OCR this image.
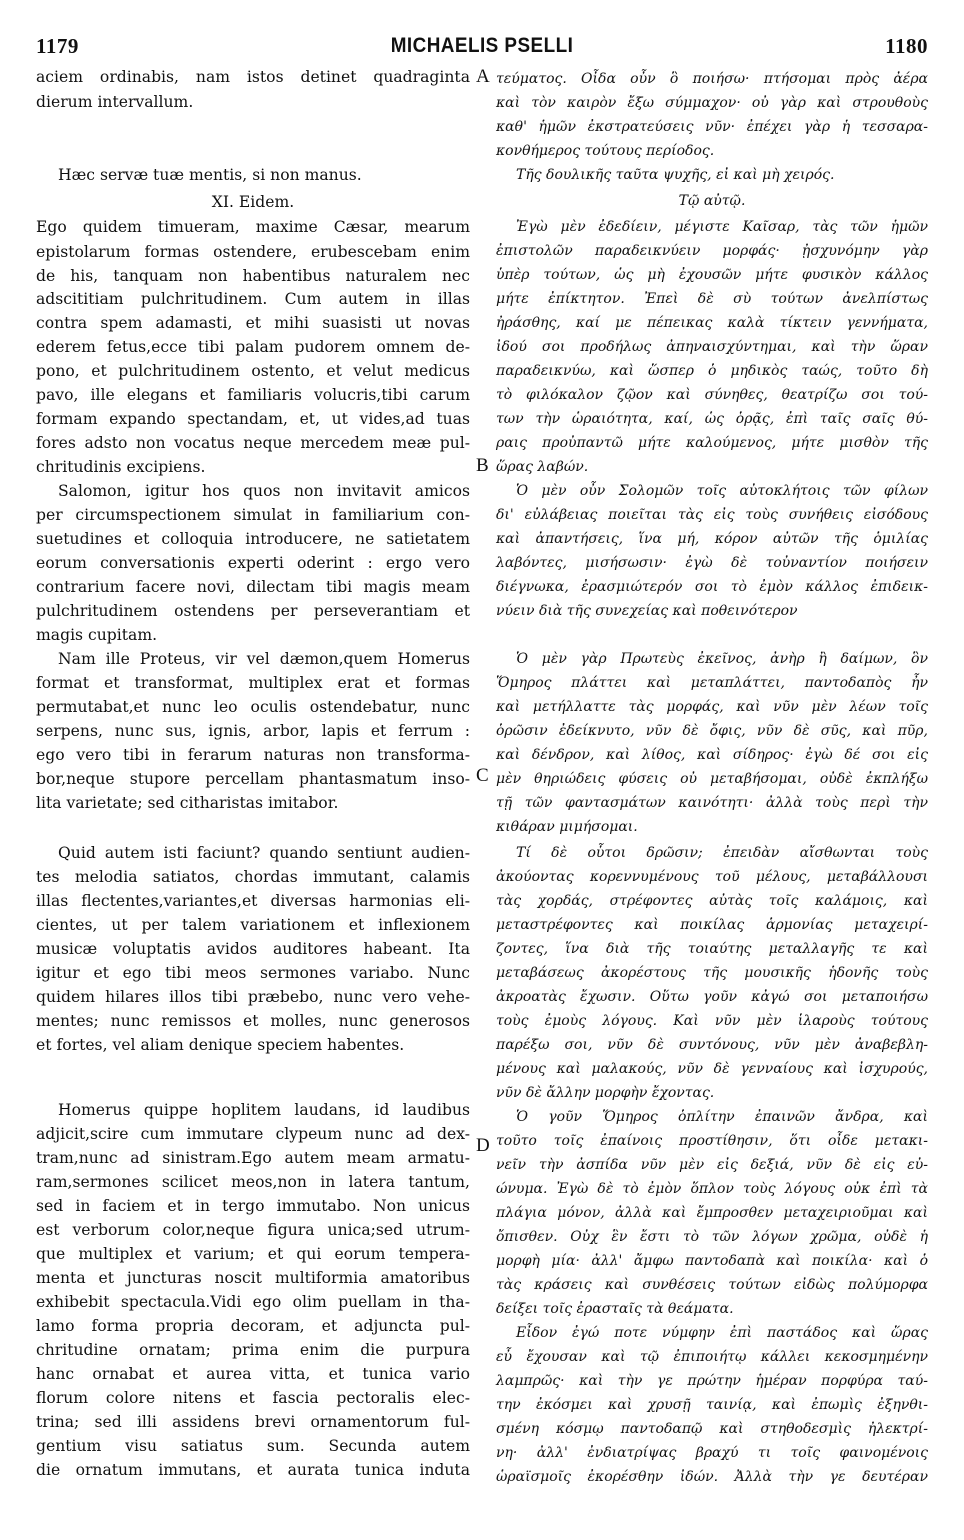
1179	MICHAELIS PSELLI	1180
A
B
C
D
aciem ordinabis, nam istos detinet quadraginta
dierum intervallum.
Hæc servæ tuæ mentis, si non manus.
XI. Eidem.
Ego quidem timueram, maxime Cæsar, mearum
epistolarum formas ostendere, erubescebam enim
de his, tanquam non habentibus naturalem nec
adscititiam pulchritudinem. Cum autem in illas
contra spem adamasti, et mihi suasisti ut novas
ederem fetus,ecce tibi palam pudorem omnem de-
pono, et pulchritudinem ostento, et velut medicus
pavo, ille elegans et familiaris volucris,tibi carum
formam expando spectandam, et, ut vides,ad tuas
fores adsto non vocatus neque mercedem meæ pul-
chritudinis excipiens.
Salomon, igitur hos quos non invitavit amicos
per circumspectionem simulat in familiarium con-
suetudines et colloquia introducere, ne satietatem
eorum conversationis experti oderint : ergo vero
contrarium facere novi, dilectam tibi magis meam
pulchritudinem ostendens per perseverantiam et
magis cupitam.
Nam ille Proteus, vir vel dæmon,quem Homerus
format et transformat, multiplex erat et formas
permutabat,et nunc leo oculis ostendebatur, nunc
serpens, nunc sus, ignis, arbor, lapis et ferrum :
ego vero tibi in ferarum naturas non transforma-
bor,neque stupore percellam phantasmatum inso-
lita varietate; sed citharistas imitabor.
Quid autem isti faciunt? quando sentiunt audien-
tes melodia satiatos, chordas immutant, calamis
illas flectentes,variantes,et diversas harmonias eli-
cientes, ut per talem variationem et inflexionem
musicæ voluptatis avidos auditores habeant. Ita
igitur et ego tibi meos sermones variabo. Nunc
quidem hilares illos tibi præbebo, nunc vero vehe-
mentes; nunc remissos et molles, nunc generosos
et fortes, vel aliam denique speciem habentes.
Homerus quippe hoplitem laudans, id laudibus
adjicit,scire cum immutare clypeum nunc ad dex-
tram,nunc ad sinistram.Ego autem meam armatu-
ram,sermones scilicet meos,non in latera tantum,
sed in faciem et in tergo immutabo. Non unicus
est verborum color,neque figura unica;sed utrum-
que multiplex et varium; et qui eorum tempera-
menta et juncturas noscit multiformia amatoribus
exhibebit spectacula.Vidi ego olim puellam in tha-
lamo forma propria decoram, et adjuncta pul-
chritudine ornatam; prima enim die purpura
hanc ornabat et aurea vitta, et tunica vario
florum colore nitens et fascia pectoralis elec-
trina; sed illi assidens brevi ornamentorum ful-
gentium visu satiatus sum. Secunda autem
die ornatum immutans, et aurata tunica induta
τεύματος. Οἶδα οὖν ὃ ποιήσω· πτήσομαι πρὸς ἀέρα
καὶ τὸν καιρὸν ἔξω σύμμαχον· οὐ γὰρ καὶ στρουθοὺς
καθ' ἡμῶν ἐκστρατεύσεις νῦν· ἐπέχει γὰρ ἡ τεσσαρα-
κονθήμερος τούτους περίοδος.
Τῆς δουλικῆς ταῦτα ψυχῆς, εἰ καὶ μὴ χειρός.
Τῷ αὐτῷ.
Ἐγὼ μὲν ἐδεδίειν, μέγιστε Καῖσαρ, τὰς τῶν ἡμῶν
ἐπιστολῶν παραδεικνύειν μορφάς· ᾐσχυνόμην γὰρ
ὑπὲρ τούτων, ὡς μὴ ἐχουσῶν μήτε φυσικὸν κάλλος
μήτε ἐπίκτητον. Ἐπεὶ δὲ σὺ τούτων ἀνελπίστως
ἠράσθης, καί με πέπεικας καλὰ τίκτειν γεννήματα,
ἰδού σοι προδήλως ἀπηναισχύντημαι, καὶ τὴν ὥραν
παραδεικνύω, καὶ ὥσπερ ὁ μηδικὸς ταώς, τοῦτο δὴ
τὸ φιλόκαλον ζῷον καὶ σύνηθες, θεατρίζω σοι τού-
των τὴν ὡραιότητα, καί, ὡς ὁρᾷς, ἐπὶ ταῖς σαῖς θύ-
ραις προὐπαντῶ μήτε καλούμενος, μήτε μισθὸν τῆς
ὥρας λαβών.
Ὁ μὲν οὖν Σολομῶν τοῖς αὐτοκλήτοις τῶν φίλων
δι' εὐλάβειας ποιεῖται τὰς εἰς τοὺς συνήθεις εἰσόδους
καὶ ἀπαντήσεις, ἵνα μή, κόρον αὐτῶν τῆς ὁμιλίας
λαβόντες, μισήσωσιν· ἐγὼ δὲ τοὐναντίον ποιήσειν
διέγνωκα, ἐρασμιώτερόν σοι τὸ ἐμὸν κάλλος ἐπιδεικ-
νύειν διὰ τῆς συνεχείας καὶ ποθεινότερον
Ὁ μὲν γὰρ Πρωτεὺς ἐκεῖνος, ἀνὴρ ἢ δαίμων, ὃν
Ὅμηρος πλάττει καὶ μεταπλάττει, παντοδαπὸς ἦν
καὶ μετήλλαττε τὰς μορφάς, καὶ νῦν μὲν λέων τοῖς
ὁρῶσιν ἐδείκνυτο, νῦν δὲ ὄφις, νῦν δὲ σῦς, καὶ πῦρ,
καὶ δένδρον, καὶ λίθος, καὶ σίδηρος· ἐγὼ δέ σοι εἰς
μὲν θηριώδεις φύσεις οὐ μεταβήσομαι, οὐδὲ ἐκπλήξω
τῇ τῶν φαντασμάτων καινότητι· ἀλλὰ τοὺς περὶ τὴν
κιθάραν μιμήσομαι.
Τί δὲ οὗτοι δρῶσιν; ἐπειδὰν αἴσθωνται τοὺς
ἀκούοντας κορεννυμένους τοῦ μέλους, μεταβάλλουσι
τὰς χορδάς, στρέφοντες αὐτὰς τοῖς καλάμοις, καὶ
μεταστρέφοντες καὶ ποικίλας ἁρμονίας μεταχειρί-
ζοντες, ἵνα διὰ τῆς τοιαύτης μεταλλαγῆς τε καὶ
μεταβάσεως ἀκορέστους τῆς μουσικῆς ἡδονῆς τοὺς
ἀκροατὰς ἔχωσιν. Οὕτω γοῦν κἀγώ σοι μεταποιήσω
τοὺς ἐμοὺς λόγους. Καὶ νῦν μὲν ἱλαροὺς τούτους
παρέξω σοι, νῦν δὲ συντόνους, νῦν μὲν ἀναβεβλη-
μένους καὶ μαλακούς, νῦν δὲ γενναίους καὶ ἰσχυρούς,
νῦν δὲ ἄλλην μορφὴν ἔχοντας.
Ὁ γοῦν Ὅμηρος ὁπλίτην ἐπαινῶν ἄνδρα, καὶ
τοῦτο τοῖς ἐπαίνοις προστίθησιν, ὅτι οἶδε μετακι-
νεῖν τὴν ἀσπίδα νῦν μὲν εἰς δεξιά, νῦν δὲ εἰς εὐ-
ώνυμα. Ἐγὼ δὲ τὸ ἐμὸν ὅπλον τοὺς λόγους οὐκ ἐπὶ τὰ
πλάγια μόνον, ἀλλὰ καὶ ἔμπροσθεν μεταχειριοῦμαι καὶ
ὄπισθεν. Οὐχ ἓν ἔστι τὸ τῶν λόγων χρῶμα, οὐδὲ ἡ
μορφὴ μία· ἀλλ' ἄμφω παντοδαπὰ καὶ ποικίλα· καὶ ὁ
τὰς κράσεις καὶ συνθέσεις τούτων εἰδὼς πολύμορφα
δείξει τοῖς ἐρασταῖς τὰ θεάματα.
Εἶδον ἐγώ ποτε νύμφην ἐπὶ παστάδος καὶ ὥρας
εὖ ἔχουσαν καὶ τῷ ἐπιποιήτῳ κάλλει κεκοσμημένην
λαμπρῶς· καὶ τὴν γε πρώτην ἡμέραν πορφύρα ταύ-
την ἐκόσμει καὶ χρυσῇ ταινίᾳ, καὶ ἐπωμὶς ἐξηνθι-
σμένη κόσμῳ παντοδαπῷ καὶ στηθοδεσμὶς ἠλεκτρί-
νη· ἀλλ' ἐνδιατρίψας βραχύ τι τοῖς φαινομένοις
ὡραϊσμοῖς ἐκορέσθην ἰδών. Ἀλλὰ τὴν γε δευτέραν
